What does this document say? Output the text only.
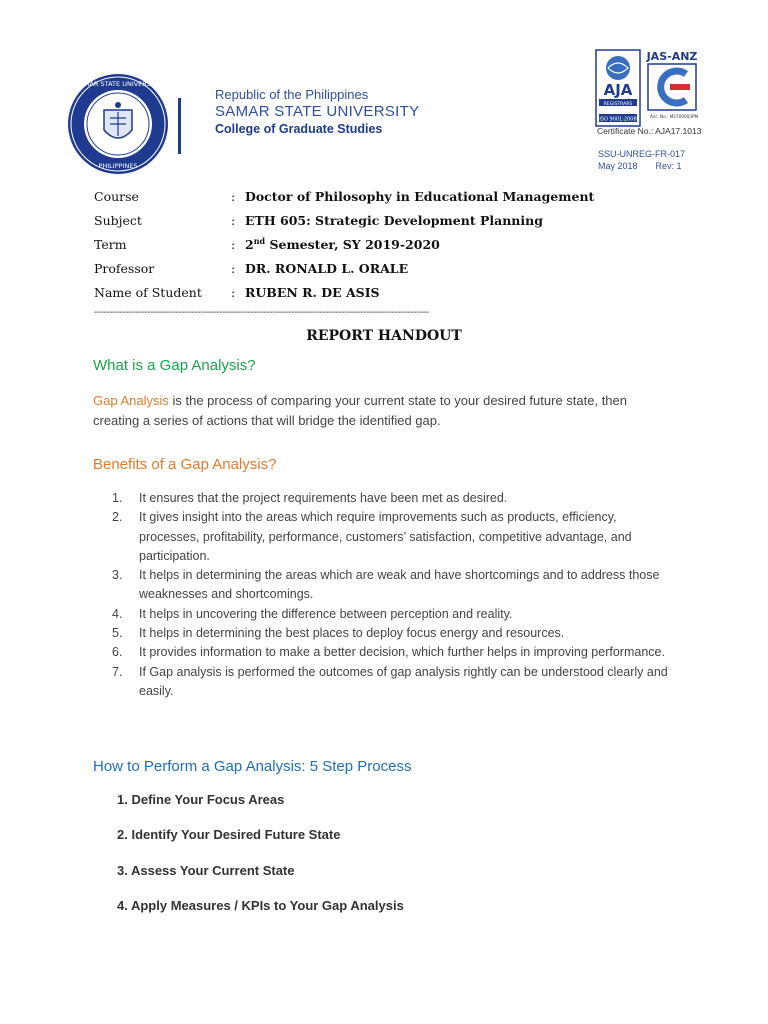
SAMAR STATE UNIVERSITY
PHILIPPINES
Republic of the Philippines
SAMAR STATE UNIVERSITY
College of Graduate Studies
AJA
REGISTRARS
ISO 9001:2008
JAS-ANZ
Acc. No.: M2700003PM
Certificate No.: AJA17.1013
SSU-UNREG-FR-017
May 2018 Rev: 1
Course	: Doctor of Philosophy in Educational Management
Subject	: ETH 605: Strategic Development Planning
Term	: 2nd Semester, SY 2019-2020
Professor	: DR. RONALD L. ORALE
Name of Student	: RUBEN R. DE ASIS
-----------------------------------------------------------------------------------------------------------
REPORT HANDOUT
What is a Gap Analysis?
Gap Analysis is the process of comparing your current state to your desired future state, then creating a series of actions that will bridge the identified gap.
Benefits of a Gap Analysis?
1.	It ensures that the project requirements have been met as desired.
2.	It gives insight into the areas which require improvements such as products, efficiency, processes, profitability, performance, customers’ satisfaction, competitive advantage, and participation.
3.	It helps in determining the areas which are weak and have shortcomings and to address those weaknesses and shortcomings.
4.	It helps in uncovering the difference between perception and reality.
5.	It helps in determining the best places to deploy focus energy and resources.
6.	It provides information to make a better decision, which further helps in improving performance.
7.	If Gap analysis is performed the outcomes of gap analysis rightly can be understood clearly and easily.
How to Perform a Gap Analysis: 5 Step Process
1. Define Your Focus Areas
2. Identify Your Desired Future State
3. Assess Your Current State
4. Apply Measures / KPIs to Your Gap Analysis
